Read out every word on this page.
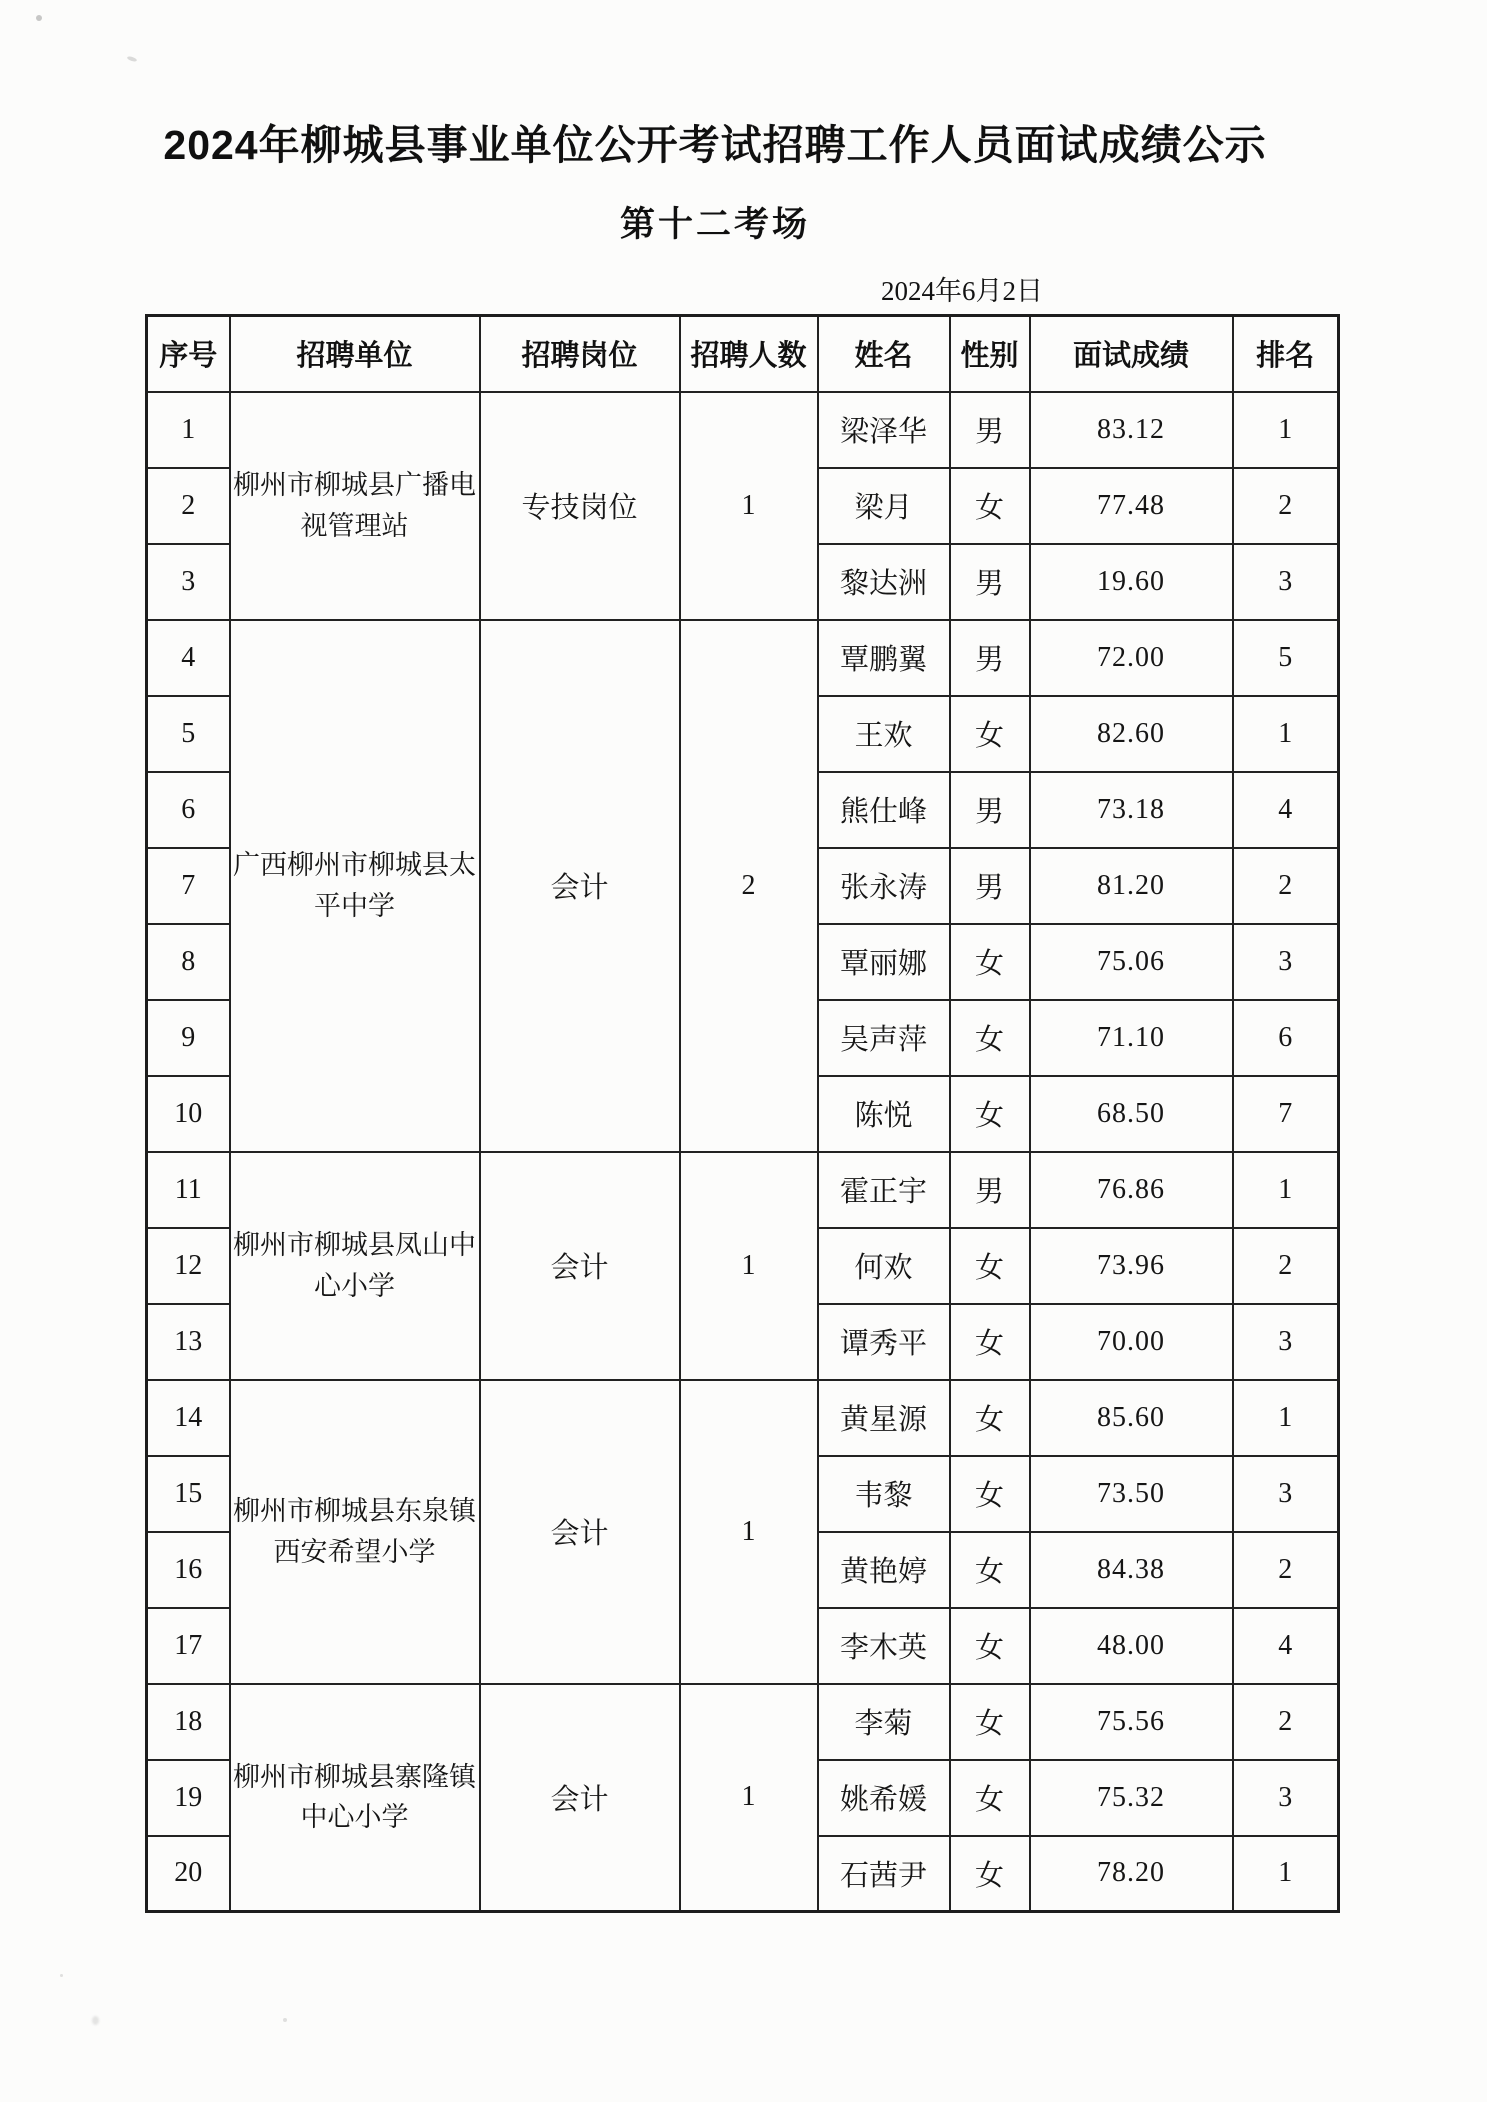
2024年柳城县事业单位公开考试招聘工作人员面试成绩公示
第十二考场
2024年6月2日
序号	招聘单位	招聘岗位	招聘人数	姓名	性别	面试成绩	排名
1	柳州市柳城县广播电视管理站	专技岗位	1	梁泽华	男	83.12	1
2				梁月	女	77.48	2
3				黎达洲	男	19.60	3
4	广西柳州市柳城县太平中学	会计	2	覃鹏翼	男	72.00	5
5				王欢	女	82.60	1
6				熊仕峰	男	73.18	4
7				张永涛	男	81.20	2
8				覃丽娜	女	75.06	3
9				吴声萍	女	71.10	6
10				陈悦	女	68.50	7
11	柳州市柳城县凤山中心小学	会计	1	霍正宇	男	76.86	1
12				何欢	女	73.96	2
13				谭秀平	女	70.00	3
14	柳州市柳城县东泉镇西安希望小学	会计	1	黄星源	女	85.60	1
15				韦黎	女	73.50	3
16				黄艳婷	女	84.38	2
17				李木英	女	48.00	4
18	柳州市柳城县寨隆镇中心小学	会计	1	李菊	女	75.56	2
19				姚希媛	女	75.32	3
20				石茜尹	女	78.20	1
